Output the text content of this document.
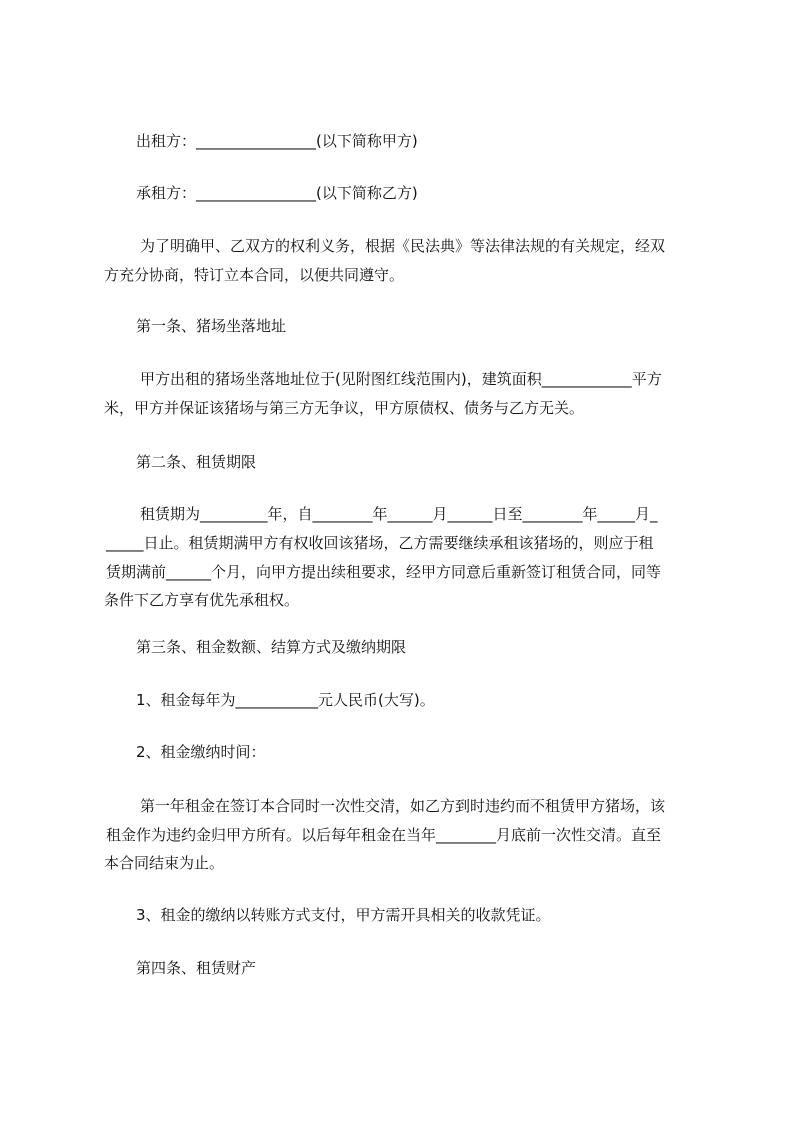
出租方：________________(以下简称甲方)
承租方：________________(以下简称乙方)
为了明确甲、乙双方的权利义务，根据《民法典》等法律法规的有关规定，经双
方充分协商，特订立本合同，以便共同遵守。
第一条、猪场坐落地址
甲方出租的猪场坐落地址位于(见附图红线范围内)，建筑面积____________平方
米，甲方并保证该猪场与第三方无争议，甲方原债权、债务与乙方无关。
第二条、租赁期限
租赁期为_________年，自________年______月______日至________年_____月_
_____日止。租赁期满甲方有权收回该猪场，乙方需要继续承租该猪场的，则应于租
赁期满前______个月，向甲方提出续租要求，经甲方同意后重新签订租赁合同，同等
条件下乙方享有优先承租权。
第三条、租金数额、结算方式及缴纳期限
1、租金每年为___________元人民币(大写)。
2、租金缴纳时间：
第一年租金在签订本合同时一次性交清，如乙方到时违约而不租赁甲方猪场，该
租金作为违约金归甲方所有。以后每年租金在当年________月底前一次性交清。直至
本合同结束为止。
3、租金的缴纳以转账方式支付，甲方需开具相关的收款凭证。
第四条、租赁财产
